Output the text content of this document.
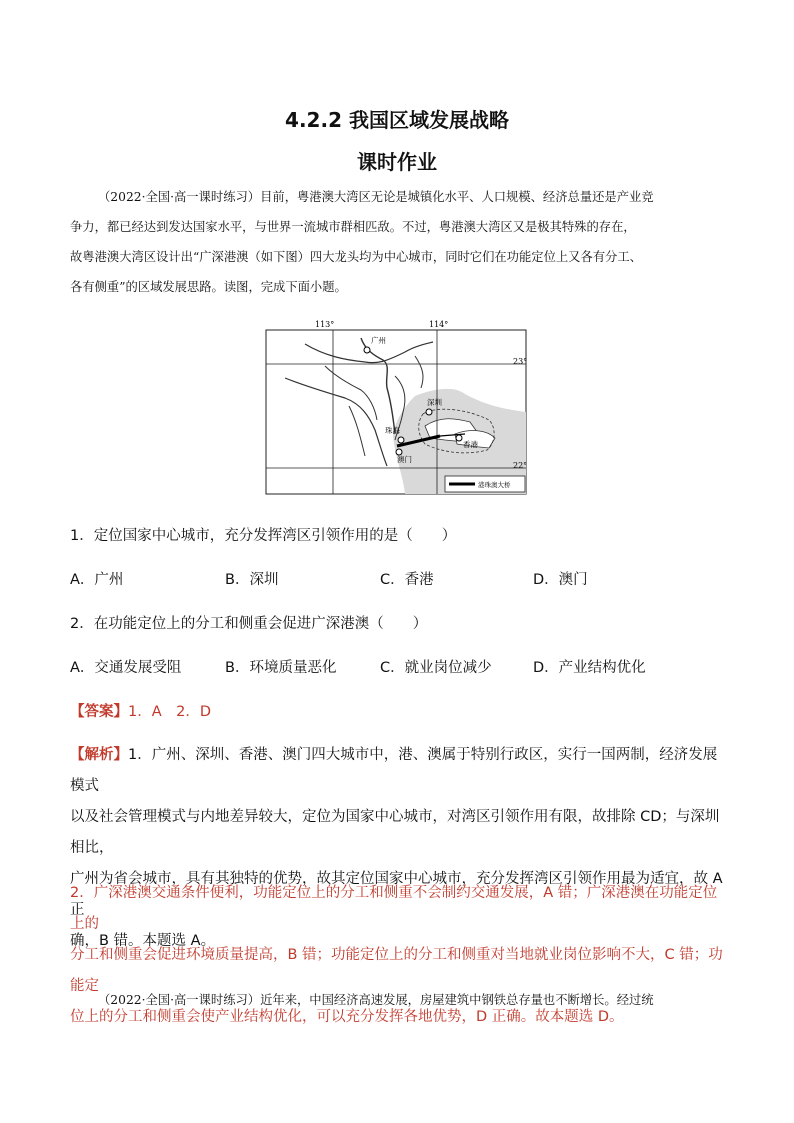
4.2.2 我国区域发展战略
课时作业
（2022·全国·高一课时练习）目前，粤港澳大湾区无论是城镇化水平、人口规模、经济总量还是产业竞
争力，都已经达到发达国家水平，与世界一流城市群相匹敌。不过，粤港澳大湾区又是极其特殊的存在，
故粤港澳大湾区设计出“广深港澳（如下图）四大龙头均为中心城市，同时它们在功能定位上又各有分工、
各有侧重”的区域发展思路。读图，完成下面小题。
113°	114°
23°
22°
广州
深圳
珠海
澳门
香港
港珠澳大桥
1．定位国家中心城市，充分发挥湾区引领作用的是（　　）
A．广州	B．深圳	C．香港	D．澳门
2．在功能定位上的分工和侧重会促进广深港澳（　　）
A．交通发展受阻	B．环境质量恶化	C．就业岗位减少	D．产业结构优化
【答案】1．A　2．D
【解析】1．广州、深圳、香港、澳门四大城市中，港、澳属于特别行政区，实行一国两制，经济发展模式
以及社会管理模式与内地差异较大，定位为国家中心城市，对湾区引领作用有限，故排除 CD；与深圳相比，
广州为省会城市，具有其独特的优势，故其定位国家中心城市，充分发挥湾区引领作用最为适宜，故 A 正
确，B 错。本题选 A。
2．广深港澳交通条件便利，功能定位上的分工和侧重不会制约交通发展，A 错；广深港澳在功能定位上的
分工和侧重会促进环境质量提高，B 错；功能定位上的分工和侧重对当地就业岗位影响不大，C 错；功能定
位上的分工和侧重会使产业结构优化，可以充分发挥各地优势，D 正确。故本题选 D。
（2022·全国·高一课时练习）近年来，中国经济高速发展，房屋建筑中钢铁总存量也不断增长。经过统
